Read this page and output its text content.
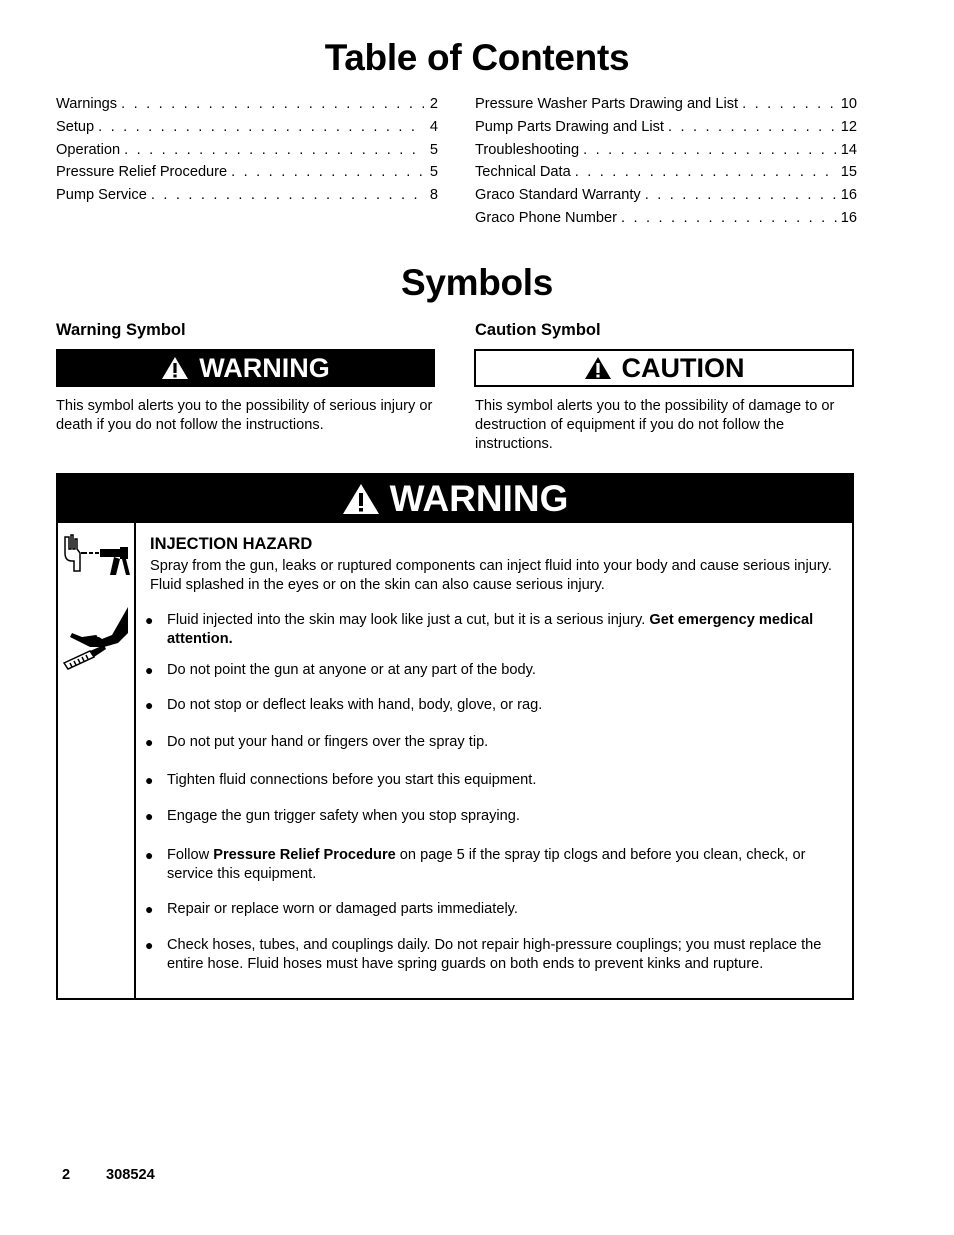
Table of Contents
Warnings . . .	2
Setup . . .	4
Operation . . .	5
Pressure Relief Procedure . . .	5
Pump Service . . .	8
Pressure Washer Parts Drawing and List . . .	10
Pump Parts Drawing and List . . .	12
Troubleshooting . . .	14
Technical Data . . .	15
Graco Standard Warranty . . .	16
Graco Phone Number . . .	16
Symbols
Warning Symbol
WARNING
This symbol alerts you to the possibility of serious injury or death if you do not follow the instructions.
Caution Symbol
CAUTION
This symbol alerts you to the possibility of damage to or destruction of equipment if you do not follow the instructions.
WARNING
INJECTION HAZARD
Spray from the gun, leaks or ruptured components can inject fluid into your body and cause serious injury. Fluid splashed in the eyes or on the skin can also cause serious injury.
● Fluid injected into the skin may look like just a cut, but it is a serious injury. Get emergency medical attention.
● Do not point the gun at anyone or at any part of the body.
● Do not stop or deflect leaks with hand, body, glove, or rag.
● Do not put your hand or fingers over the spray tip.
● Tighten fluid connections before you start this equipment.
● Engage the gun trigger safety when you stop spraying.
● Follow Pressure Relief Procedure on page 5 if the spray tip clogs and before you clean, check, or service this equipment.
● Repair or replace worn or damaged parts immediately.
● Check hoses, tubes, and couplings daily. Do not repair high-pressure couplings; you must replace the entire hose. Fluid hoses must have spring guards on both ends to prevent kinks and rupture.
2 308524
